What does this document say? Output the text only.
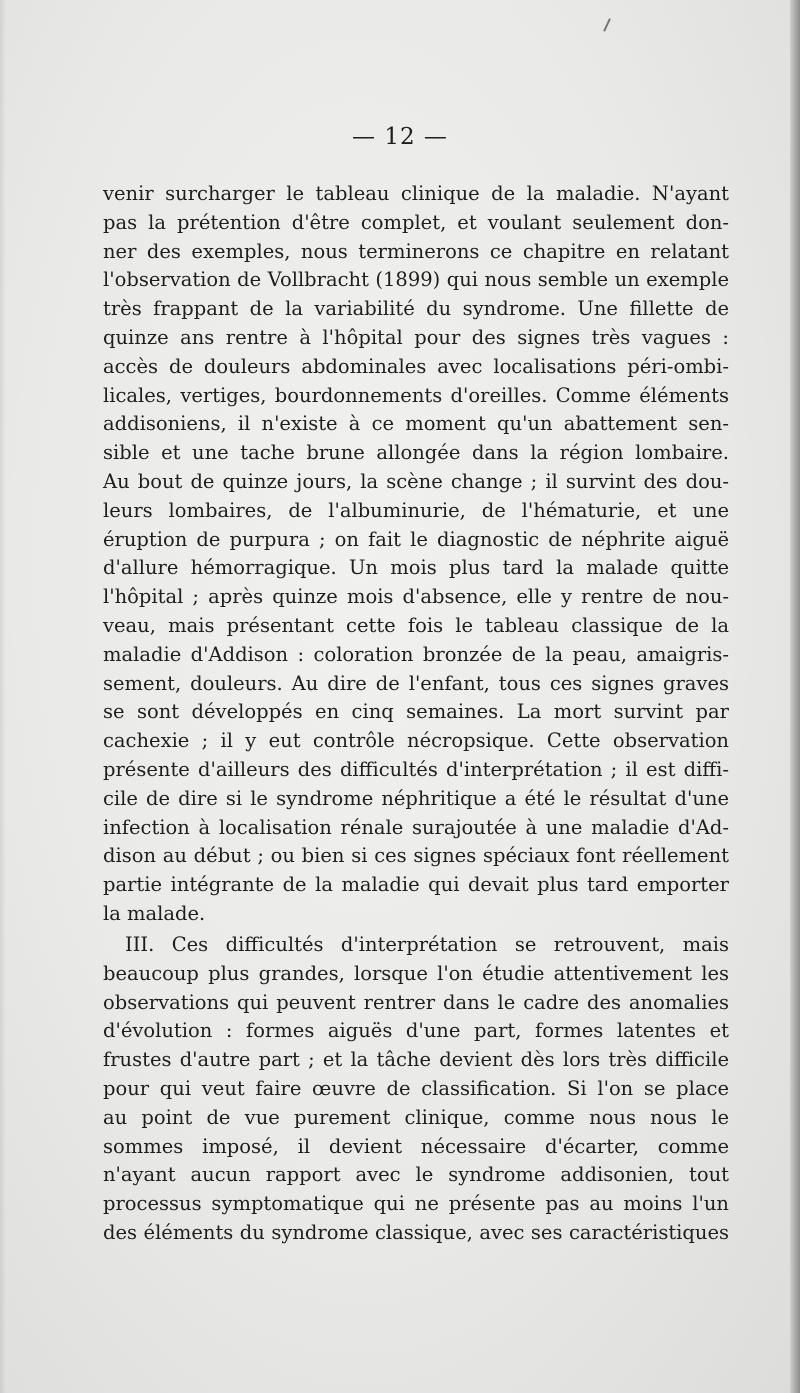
— 12 —
venir surcharger le tableau clinique de la maladie. N'ayant
pas la prétention d'être complet, et voulant seulement don-
ner des exemples, nous terminerons ce chapitre en relatant
l'observation de Vollbracht (1899) qui nous semble un exemple
très frappant de la variabilité du syndrome. Une fillette de
quinze ans rentre à l'hôpital pour des signes très vagues :
accès de douleurs abdominales avec localisations péri-ombi-
licales, vertiges, bourdonnements d'oreilles. Comme éléments
addisoniens, il n'existe à ce moment qu'un abattement sen-
sible et une tache brune allongée dans la région lombaire.
Au bout de quinze jours, la scène change ; il survint des dou-
leurs lombaires, de l'albuminurie, de l'hématurie, et une
éruption de purpura ; on fait le diagnostic de néphrite aiguë
d'allure hémorragique. Un mois plus tard la malade quitte
l'hôpital ; après quinze mois d'absence, elle y rentre de nou-
veau, mais présentant cette fois le tableau classique de la
maladie d'Addison : coloration bronzée de la peau, amaigris-
sement, douleurs. Au dire de l'enfant, tous ces signes graves
se sont développés en cinq semaines. La mort survint par
cachexie ; il y eut contrôle nécropsique. Cette observation
présente d'ailleurs des difficultés d'interprétation ; il est diffi-
cile de dire si le syndrome néphritique a été le résultat d'une
infection à localisation rénale surajoutée à une maladie d'Ad-
dison au début ; ou bien si ces signes spéciaux font réellement
partie intégrante de la maladie qui devait plus tard emporter
la malade.
III. Ces difficultés d'interprétation se retrouvent, mais
beaucoup plus grandes, lorsque l'on étudie attentivement les
observations qui peuvent rentrer dans le cadre des anomalies
d'évolution : formes aiguës d'une part, formes latentes et
frustes d'autre part ; et la tâche devient dès lors très difficile
pour qui veut faire œuvre de classification. Si l'on se place
au point de vue purement clinique, comme nous nous le
sommes imposé, il devient nécessaire d'écarter, comme
n'ayant aucun rapport avec le syndrome addisonien, tout
processus symptomatique qui ne présente pas au moins l'un
des éléments du syndrome classique, avec ses caractéristiques
